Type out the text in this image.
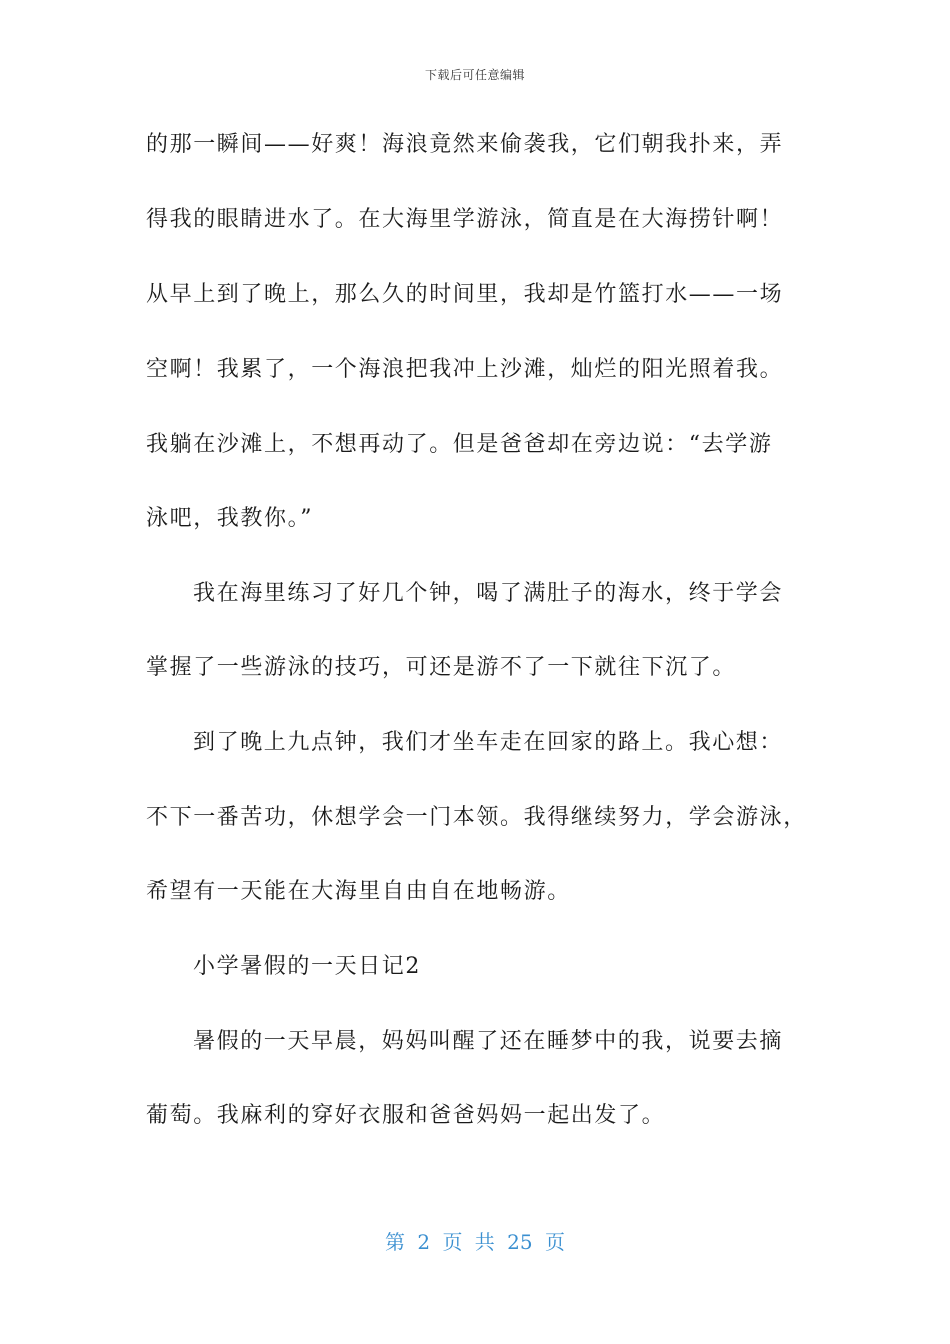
下载后可任意编辑
的那一瞬间——好爽！海浪竟然来偷袭我，它们朝我扑来，弄
得我的眼睛进水了。在大海里学游泳，简直是在大海捞针啊！
从早上到了晚上，那么久的时间里，我却是竹篮打水——一场
空啊！我累了，一个海浪把我冲上沙滩，灿烂的阳光照着我。
我躺在沙滩上，不想再动了。但是爸爸却在旁边说：“去学游
泳吧，我教你。”
我在海里练习了好几个钟，喝了满肚子的海水，终于学会
掌握了一些游泳的技巧，可还是游不了一下就往下沉了。
到了晚上九点钟，我们才坐车走在回家的路上。我心想：
不下一番苦功，休想学会一门本领。我得继续努力，学会游泳，
希望有一天能在大海里自由自在地畅游。
小学暑假的一天日记2
暑假的一天早晨，妈妈叫醒了还在睡梦中的我，说要去摘
葡萄。我麻利的穿好衣服和爸爸妈妈一起出发了。
第 2 页 共 25 页
